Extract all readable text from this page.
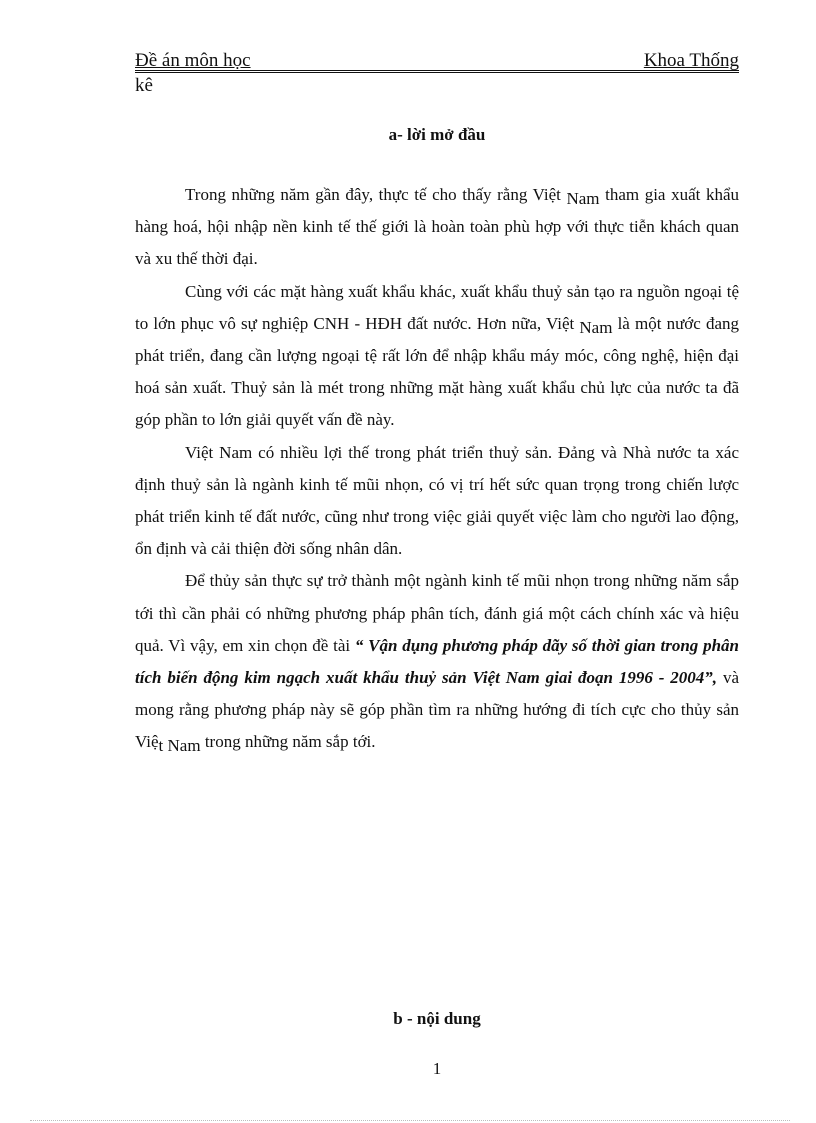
Đề án môn học	Khoa Thống
kê
a- lời mở đầu

Trong những năm gần đây, thực tế cho thấy rằng Việt Nam tham gia xuất khẩu hàng hoá, hội nhập nền kinh tế thế giới là hoàn toàn phù hợp với thực tiễn khách quan và xu thế thời đại.

Cùng với các mặt hàng xuất khẩu khác, xuất khẩu thuỷ sản tạo ra nguồn ngoại tệ to lớn phục vô sự nghiệp CNH - HĐH đất nước. Hơn nữa, Việt Nam là một nước đang phát triển, đang cần lượng ngoại tệ rất lớn để nhập khẩu máy móc, công nghệ, hiện đại hoá sản xuất. Thuỷ sản là mét trong những mặt hàng xuất khẩu chủ lực của nước ta đã góp phần to lớn giải quyết vấn đề này.

Việt Nam có nhiều lợi thế trong phát triển thuỷ sản. Đảng và Nhà nước ta xác định thuỷ sản là ngành kinh tế mũi nhọn, có vị trí hết sức quan trọng trong chiến lược phát triển kinh tế đất nước, cũng như trong việc giải quyết việc làm cho người lao động, ổn định và cải thiện đời sống nhân dân.

Để thủy sản thực sự trở thành một ngành kinh tế mũi nhọn trong những năm sắp tới thì cần phải có những phương pháp phân tích, đánh giá một cách chính xác và hiệu quả. Vì vậy, em xin chọn đề tài “ Vận dụng phương pháp dãy số thời gian trong phân tích biến động kim ngạch xuất khẩu thuỷ sản Việt Nam giai đoạn 1996 - 2004”, và mong rằng phương pháp này sẽ góp phần tìm ra những hướng đi tích cực cho thủy sản Việt Nam trong những năm sắp tới.

b - nội dung
1
